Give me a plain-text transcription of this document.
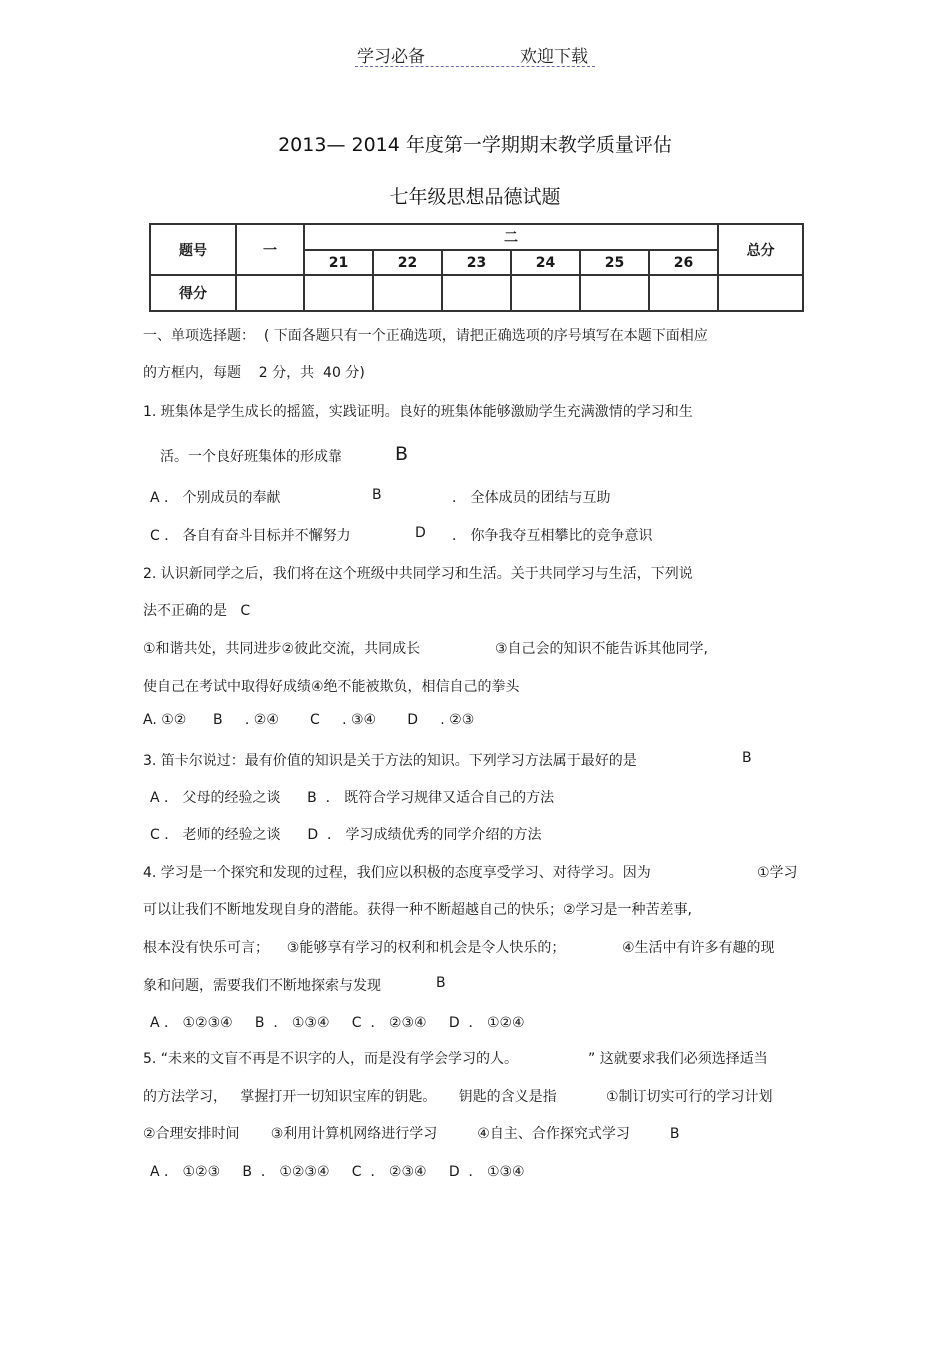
学习必备	欢迎下载
2013— 2014 年度第一学期期末教学质量评估
七年级思想品德试题
题号	一	二						总分
		21	22	23	24	25	26	
得分								
一、单项选择题：  ( 下面各题只有一个正确选项，请把正确选项的序号填写在本题下面相应
的方框内，每题    2 分，共  40 分)
1. 班集体是学生成长的摇篮，实践证明。良好的班集体能够激励学生充满激情的学习和生
活。一个良好班集体的形成靠	B
A ． 个别成员的奉献	B	． 全体成员的团结与互助
C ． 各自有奋斗目标并不懈努力	D ． 你争我夺互相攀比的竞争意识
2. 认识新同学之后，我们将在这个班级中共同学习和生活。关于共同学习与生活，下列说
法不正确的是   C
①和谐共处，共同进步②彼此交流，共同成长	③自己会的知识不能告诉其他同学,
使自己在考试中取得好成绩④绝不能被欺负，相信自己的拳头
A. ①②      B     . ②④       C     . ③④       D     . ②③
3. 笛卡尔说过：最有价值的知识是关于方法的知识。下列学习方法属于最好的是	B
A ． 父母的经验之谈      B  ． 既符合学习规律又适合自己的方法
C ． 老师的经验之谈      D  ． 学习成绩优秀的同学介绍的方法
4. 学习是一个探究和发现的过程，我们应以积极的态度享受学习、对待学习。因为	①学习
可以让我们不断地发现自身的潜能。获得一种不断超越自己的快乐；②学习是一种苦差事,
根本没有快乐可言；    ③能够享有学习的权利和机会是令人快乐的；	④生活中有许多有趣的现
象和问题，需要我们不断地探索与发现	B
A ． ①②③④     B  ． ①③④     C  ． ②③④     D  ． ①②④
5. “未来的文盲不再是不识字的人，而是没有学会学习的人。	” 这就要求我们必须选择适当
的方法学习，   掌握打开一切知识宝库的钥匙。     钥匙的含义是指	①制订切实可行的学习计划
②合理安排时间       ③利用计算机网络进行学习         ④自主、合作探究式学习         B
A ． ①②③     B  ． ①②③④     C  ． ②③④     D  ． ①③④
